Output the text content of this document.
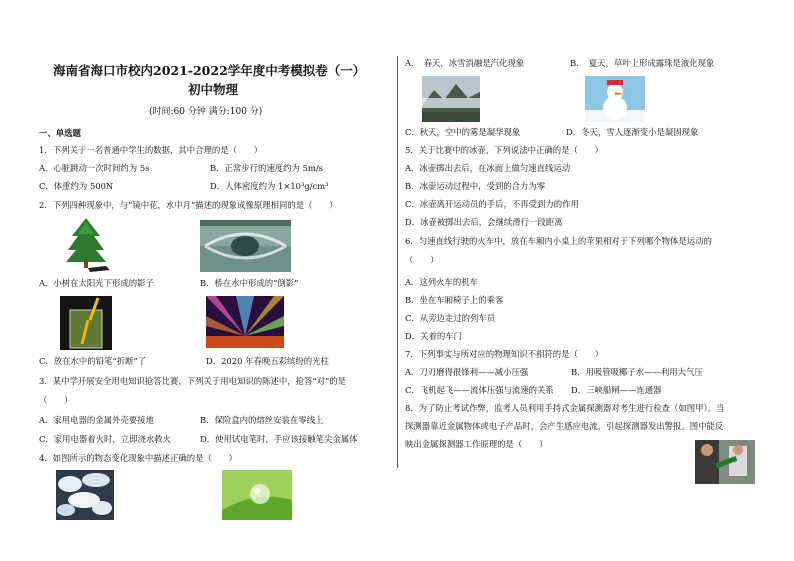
海南省海口市校内2021-2022学年度中考模拟卷（一）
初中物理
(时间:60 分钟 满分:100 分)
一、单选题
1．下列关于一名普通中学生的数据，其中合理的是（　　）
A．心脏跳动一次时间约为 5s	B．正常步行的速度约为 5m/s
C．体重约为 500N	D．人体密度约为 1×10³g/cm³
2．下列四种现象中，与“镜中花，水中月”描述的现象成像原理相同的是（　　）
A．小树在太阳光下形成的影子	B．桥在水中形成的“倒影”
C．放在水中的铅笔“折断”了	D．2020 年春晚五彩缤纷的光柱
3．某中学开展安全用电知识抢答比赛，下列关于用电知识的陈述中，抢答“对”的是
（　　）
A．家用电器的金属外壳要接地	B．保险盒内的熔丝安装在零线上
C．家用电器着火时，立即浇水救火	D．使用试电笔时，手应该接触笔尖金属体
4．如图所示的物态变化现象中描述正确的是（　　）
A．　春天，冰雪消融是汽化现象	B．　夏天，草叶上形成露珠是液化现象
C．秋天，空中的雾是凝华现象	D．冬天，雪人逐渐变小是凝固现象
5．关于比赛中的冰壶，下列说法中正确的是（　　）
A．冰壶掷出去后，在冰面上做匀速直线运动
B．冰壶运动过程中，受到的合力为零
C．冰壶离开运动员的手后，不再受到力的作用
D．冰壶被掷出去后，会继续滑行一段距离
6．匀速直线行驶的火车中，放在车厢内小桌上的苹果相对于下列哪个物体是运动的
（　　）
A．这列火车的机车
B．坐在车厢椅子上的乘客
C．从旁边走过的列车员
D．关着的车门
7．下列事实与所对应的物理知识不相符的是（　　）
A．刀刃磨得很锋利——减小压强	B．用吸管吸椰子水——利用大气压
C．飞机起飞——流体压强与流速的关系 D．三峡船闸——连通器
8．为了防止考试作弊，监考人员利用手持式金属探测器对考生进行检查（如图甲）。当
探测器靠近金属物体或电子产品时，会产生感应电流，引起探测器发出警报。图中能反
映出金属探测器工作原理的是（　　）
